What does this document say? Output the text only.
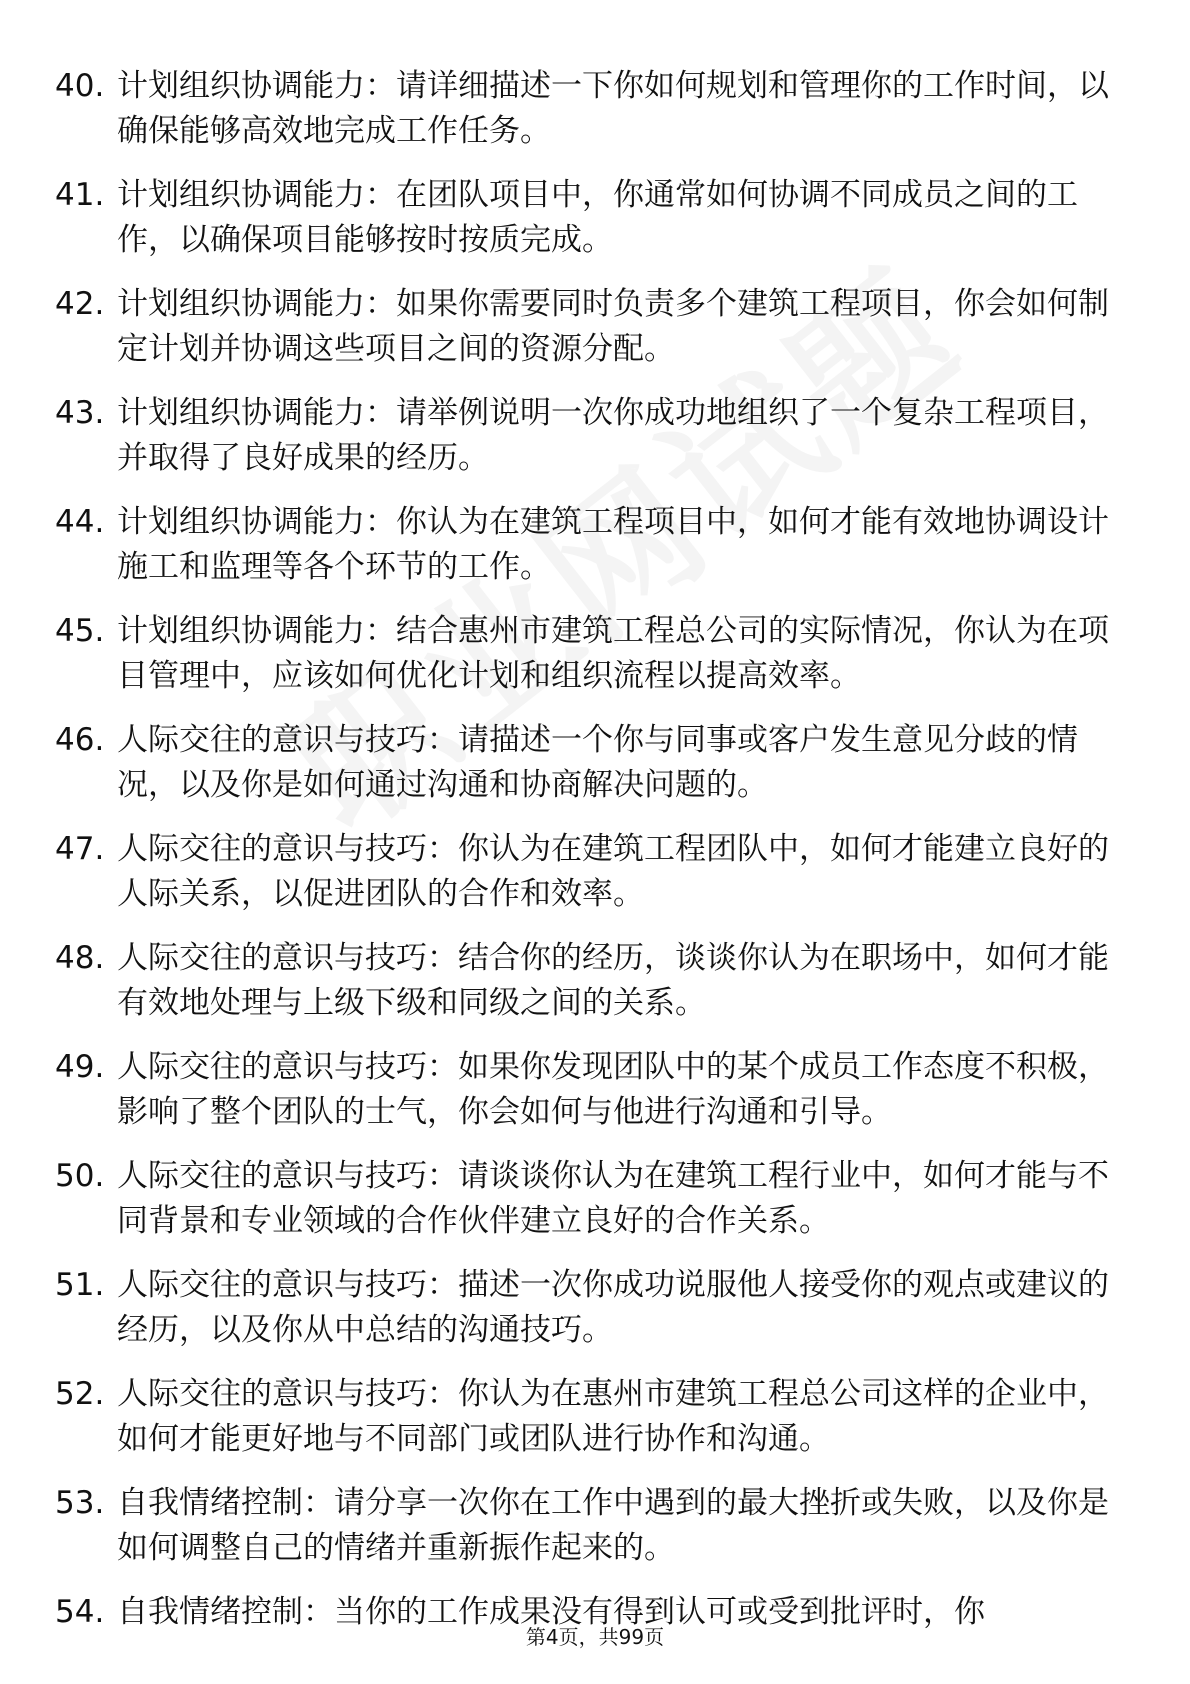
40. 计划组织协调能力：请详细描述一下你如何规划和管理你的工作时间，以确保能够高效地完成工作任务。
41. 计划组织协调能力：在团队项目中，你通常如何协调不同成员之间的工作，以确保项目能够按时按质完成。
42. 计划组织协调能力：如果你需要同时负责多个建筑工程项目，你会如何制定计划并协调这些项目之间的资源分配。
43. 计划组织协调能力：请举例说明一次你成功地组织了一个复杂工程项目，并取得了良好成果的经历。
44. 计划组织协调能力：你认为在建筑工程项目中，如何才能有效地协调设计施工和监理等各个环节的工作。
45. 计划组织协调能力：结合惠州市建筑工程总公司的实际情况，你认为在项目管理中，应该如何优化计划和组织流程以提高效率。
46. 人际交往的意识与技巧：请描述一个你与同事或客户发生意见分歧的情况，以及你是如何通过沟通和协商解决问题的。
47. 人际交往的意识与技巧：你认为在建筑工程团队中，如何才能建立良好的人际关系，以促进团队的合作和效率。
48. 人际交往的意识与技巧：结合你的经历，谈谈你认为在职场中，如何才能有效地处理与上级下级和同级之间的关系。
49. 人际交往的意识与技巧：如果你发现团队中的某个成员工作态度不积极，影响了整个团队的士气，你会如何与他进行沟通和引导。
50. 人际交往的意识与技巧：请谈谈你认为在建筑工程行业中，如何才能与不同背景和专业领域的合作伙伴建立良好的合作关系。
51. 人际交往的意识与技巧：描述一次你成功说服他人接受你的观点或建议的经历，以及你从中总结的沟通技巧。
52. 人际交往的意识与技巧：你认为在惠州市建筑工程总公司这样的企业中，如何才能更好地与不同部门或团队进行协作和沟通。
53. 自我情绪控制：请分享一次你在工作中遇到的最大挫折或失败，以及你是如何调整自己的情绪并重新振作起来的。
54. 自我情绪控制：当你的工作成果没有得到认可或受到批评时，你
第4页，共99页
